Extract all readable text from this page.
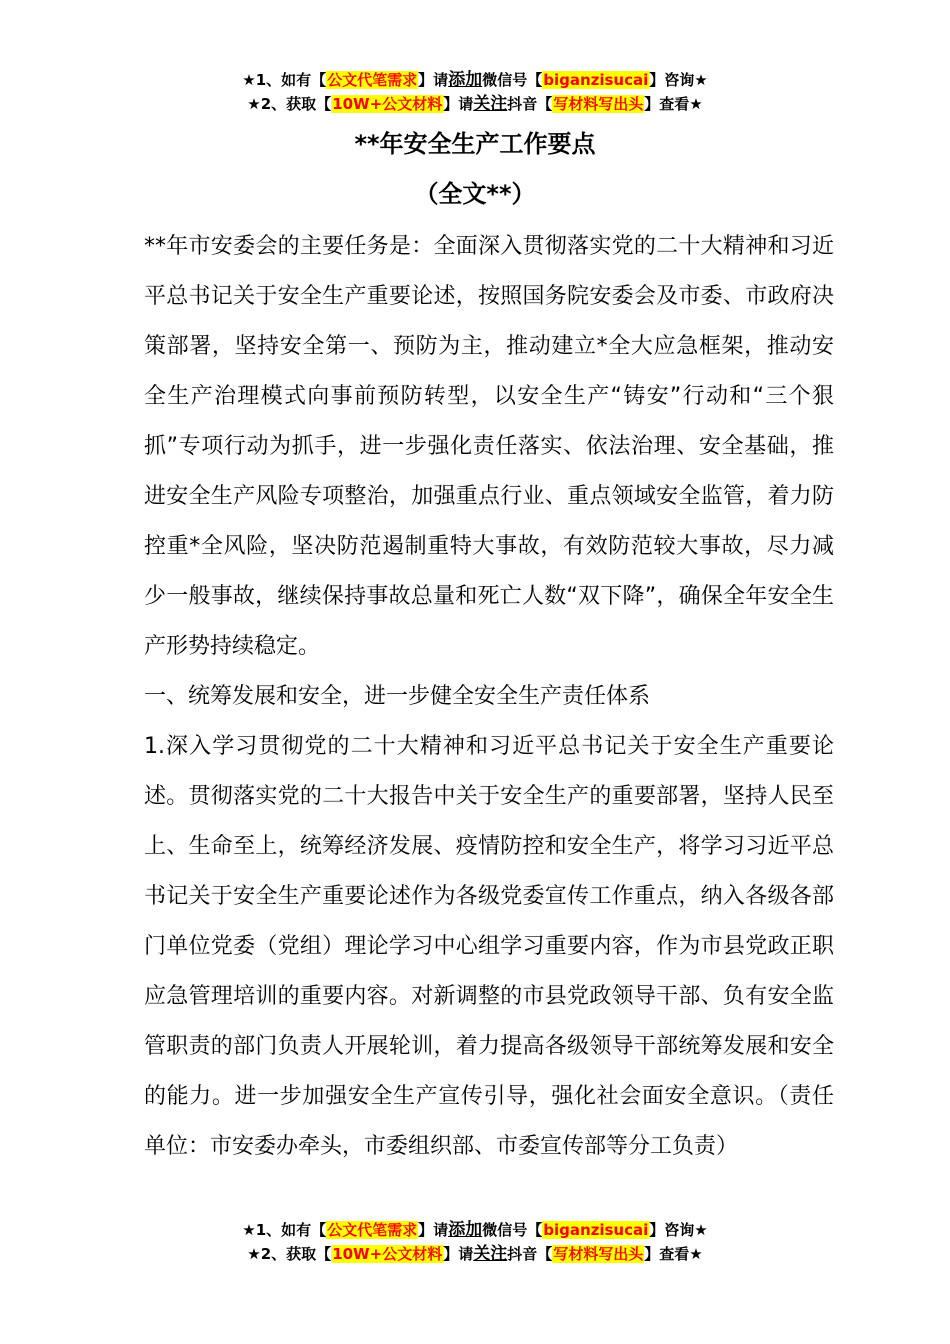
★1、如有【公文代笔需求】请添加微信号【biganzisucai】咨询★
★2、获取【10W+公文材料】请关注抖音【写材料写出头】查看★
**年安全生产工作要点
（全文**）

**年市安委会的主要任务是：全面深入贯彻落实党的二十大精神和习近平总书记关于安全生产重要论述，按照国务院安委会及市委、市政府决策部署，坚持安全第一、预防为主，推动建立*全大应急框架，推动安全生产治理模式向事前预防转型，以安全生产“铸安”行动和“三个狠抓”专项行动为抓手，进一步强化责任落实、依法治理、安全基础，推进安全生产风险专项整治，加强重点行业、重点领域安全监管，着力防控重*全风险，坚决防范遏制重特大事故，有效防范较大事故，尽力减少一般事故，继续保持事故总量和死亡人数“双下降”，确保全年安全生产形势持续稳定。

一、统筹发展和安全，进一步健全安全生产责任体系

1.深入学习贯彻党的二十大精神和习近平总书记关于安全生产重要论述。贯彻落实党的二十大报告中关于安全生产的重要部署，坚持人民至上、生命至上，统筹经济发展、疫情防控和安全生产，将学习习近平总书记关于安全生产重要论述作为各级党委宣传工作重点，纳入各级各部门单位党委（党组）理论学习中心组学习重要内容，作为市县党政正职应急管理培训的重要内容。对新调整的市县党政领导干部、负有安全监管职责的部门负责人开展轮训，着力提高各级领导干部统筹发展和安全的能力。进一步加强安全生产宣传引导，强化社会面安全意识。（责任单位：市安委办牵头，市委组织部、市委宣传部等分工负责）

★1、如有【公文代笔需求】请添加微信号【biganzisucai】咨询★
★2、获取【10W+公文材料】请关注抖音【写材料写出头】查看★
